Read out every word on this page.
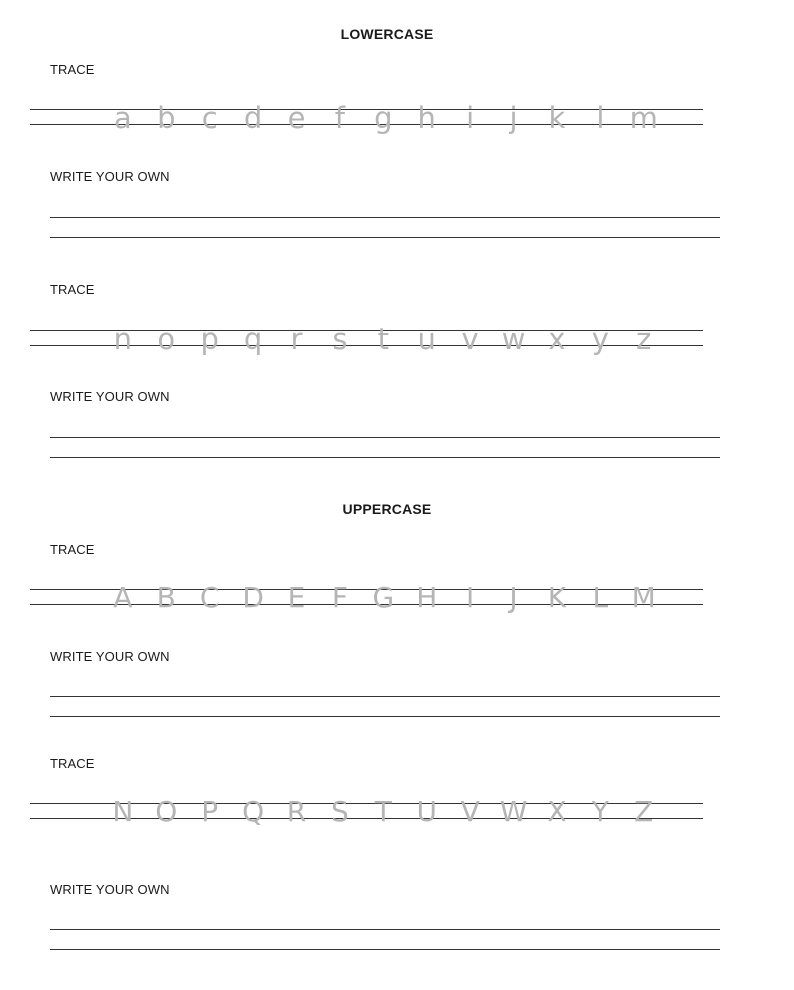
LOWERCASE
TRACE
a b c d e f g h i j k l m
WRITE YOUR OWN
TRACE
n o p q r s t u v w x y z
WRITE YOUR OWN
UPPERCASE
TRACE
A B C D E F G H I J K L M
WRITE YOUR OWN
TRACE
N O P Q R S T U V W X Y Z
WRITE YOUR OWN
